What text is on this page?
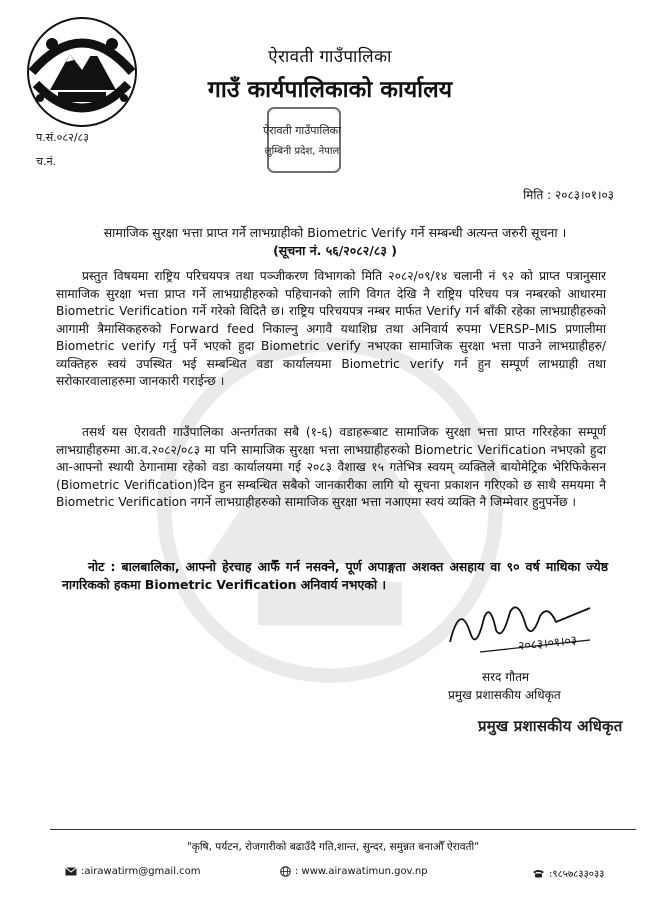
ऐरावती गाउँपालिका
गाउँ कार्यपालिकाको कार्यालय
ऐरावती गाउँपालिका
लुम्बिनी प्रदेश, नेपाल
प.सं.०८२/८३
च.नं.
मिति : २०८३।०१।०३
सामाजिक सुरक्षा भत्ता प्राप्त गर्ने लाभग्राहीको Biometric Verify गर्ने सम्बन्धी अत्यन्त जरुरी सूचना ।
(सूचना नं. ५६/२०८२/८३ )
प्रस्तुत विषयमा राष्ट्रिय परिचयपत्र तथा पञ्जीकरण विभागको मिति २०८२/०९/१४ चलानी नं ९२ को प्राप्त पत्रानुसार सामाजिक सुरक्षा भत्ता प्राप्त गर्ने लाभग्राहीहरुको पहिचानको लागि विगत देखि नै राष्ट्रिय परिचय पत्र नम्बरको आधारमा Biometric Verification गर्ने गरेको विदितै छ। राष्ट्रिय परिचयपत्र नम्बर मार्फत Verify गर्न बाँकी रहेका लाभग्राहीहरुको आगामी त्रैमासिकहरुको Forward feed निकाल्नु अगावै यथाशिघ्र तथा अनिवार्य रुपमा VERSP–MIS प्रणालीमा Biometric verify गर्नु पर्ने भएको हुदा Biometric verify नभएका सामाजिक सुरक्षा भत्ता पाउने लाभग्राहीहरु/व्यक्तिहरु स्वयं उपस्थित भई सम्बन्धित वडा कार्यालयमा Biometric verify गर्न हुन सम्पूर्ण लाभग्राही तथा सरोकारवालाहरुमा जानकारी गराईन्छ ।
तसर्थ यस ऐरावती गाउँपालिका अन्तर्गतका सबै (१-६) वडाहरूबाट सामाजिक सुरक्षा भत्ता प्राप्त गरिरहेका सम्पूर्ण लाभग्राहीहरुमा आ.व.२०८२/०८३ मा पनि सामाजिक सुरक्षा भत्ता लाभग्राहीहरुको Biometric Verification नभएको हुदा आ-आफ्नो स्थायी ठेगानामा रहेको वडा कार्यालयमा गई २०८३ वैशाख १५ गतेभित्र स्वयम् व्यक्तिले बायोमेट्रिक भेरिफिकेसन (Biometric Verification)दिन हुन सम्बन्धित सबैको जानकारीका लागि यो सूचना प्रकाशन गरिएको छ साथै समयमा नै Biometric Verification नगर्ने लाभग्राहीहरुको सामाजिक सुरक्षा भत्ता नआएमा स्वयं व्यक्ति नै जिम्मेवार हुनुपर्नेछ ।
नोट : बालबालिका, आफ्नो हेरचाह आफैँ गर्न नसक्ने, पूर्ण अपाङ्गता अशक्त असहाय वा ९० वर्ष माथिका ज्येष्ठ नागरिकको हकमा Biometric Verification अनिवार्य नभएको ।
२०८३।०१।०३
सरद गौतम
प्रमुख प्रशासकीय अधिकृत
प्रमुख प्रशासकीय अधिकृत
"कृषि, पर्यटन, रोजगारीको बढाउँदै गति,शान्त, सुन्दर, समुन्नत बनाऔँ ऐरावती"
:airawatirm@gmail.com	: www.airawatimun.gov.np	:९८५७८३३०३३
